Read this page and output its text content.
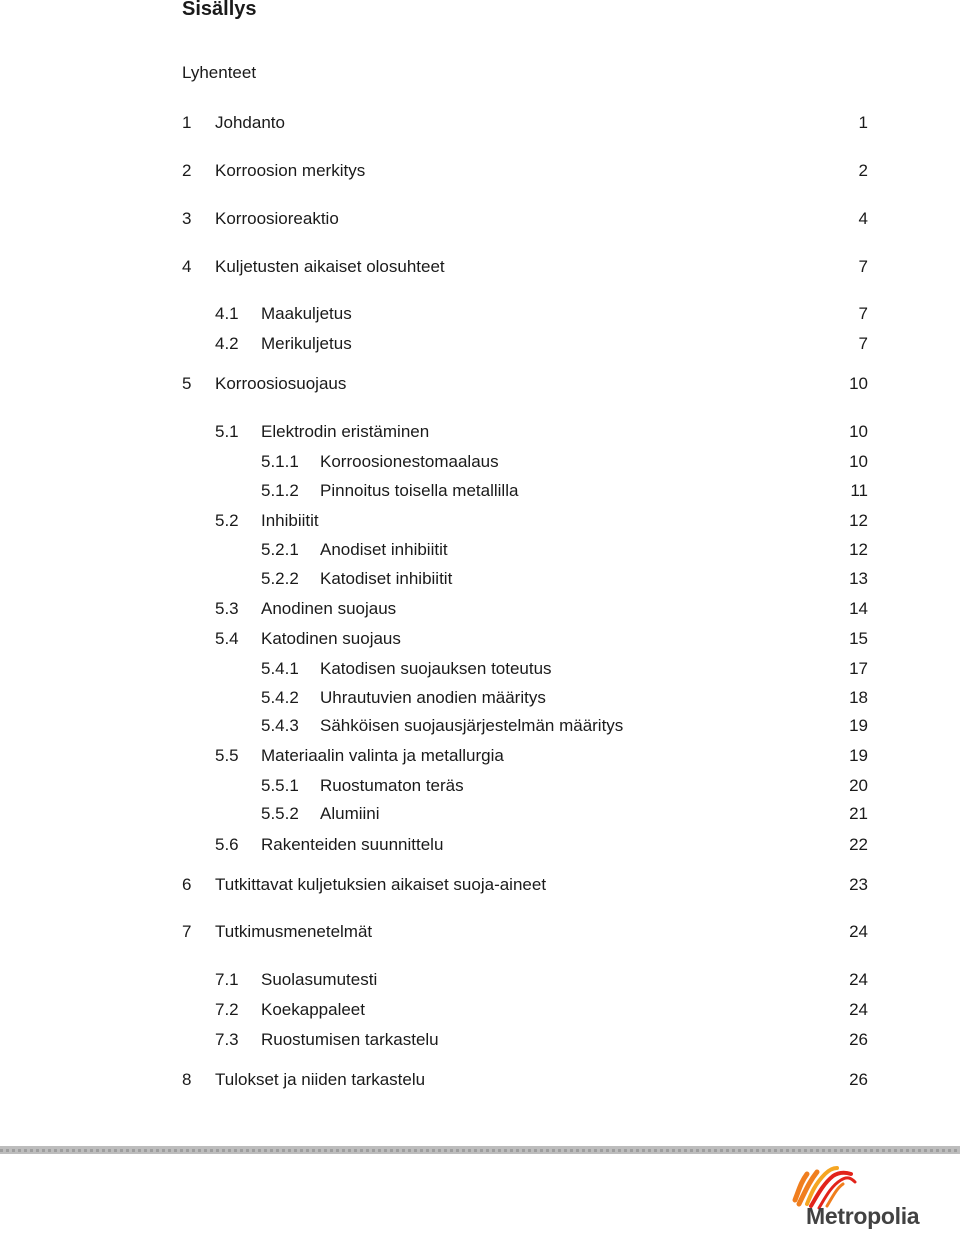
Sisällys
Lyhenteet
1 Johdanto	1
2 Korroosion merkitys	2
3 Korroosioreaktio	4
4 Kuljetusten aikaiset olosuhteet	7
4.1 Maakuljetus	7
4.2 Merikuljetus	7
5 Korroosiosuojaus	10
5.1 Elektrodin eristäminen	10
5.1.1 Korroosionestomaalaus	10
5.1.2 Pinnoitus toisella metallilla	11
5.2 Inhibiitit	12
5.2.1 Anodiset inhibiitit	12
5.2.2 Katodiset inhibiitit	13
5.3 Anodinen suojaus	14
5.4 Katodinen suojaus	15
5.4.1 Katodisen suojauksen toteutus	17
5.4.2 Uhrautuvien anodien määritys	18
5.4.3 Sähköisen suojausjärjestelmän määritys	19
5.5 Materiaalin valinta ja metallurgia	19
5.5.1 Ruostumaton teräs	20
5.5.2 Alumiini	21
5.6 Rakenteiden suunnittelu	22
6 Tutkittavat kuljetuksien aikaiset suoja-aineet	23
7 Tutkimusmenetelmät	24
7.1 Suolasumutesti	24
7.2 Koekappaleet	24
7.3 Ruostumisen tarkastelu	26
8 Tulokset ja niiden tarkastelu	26
Metropolia
